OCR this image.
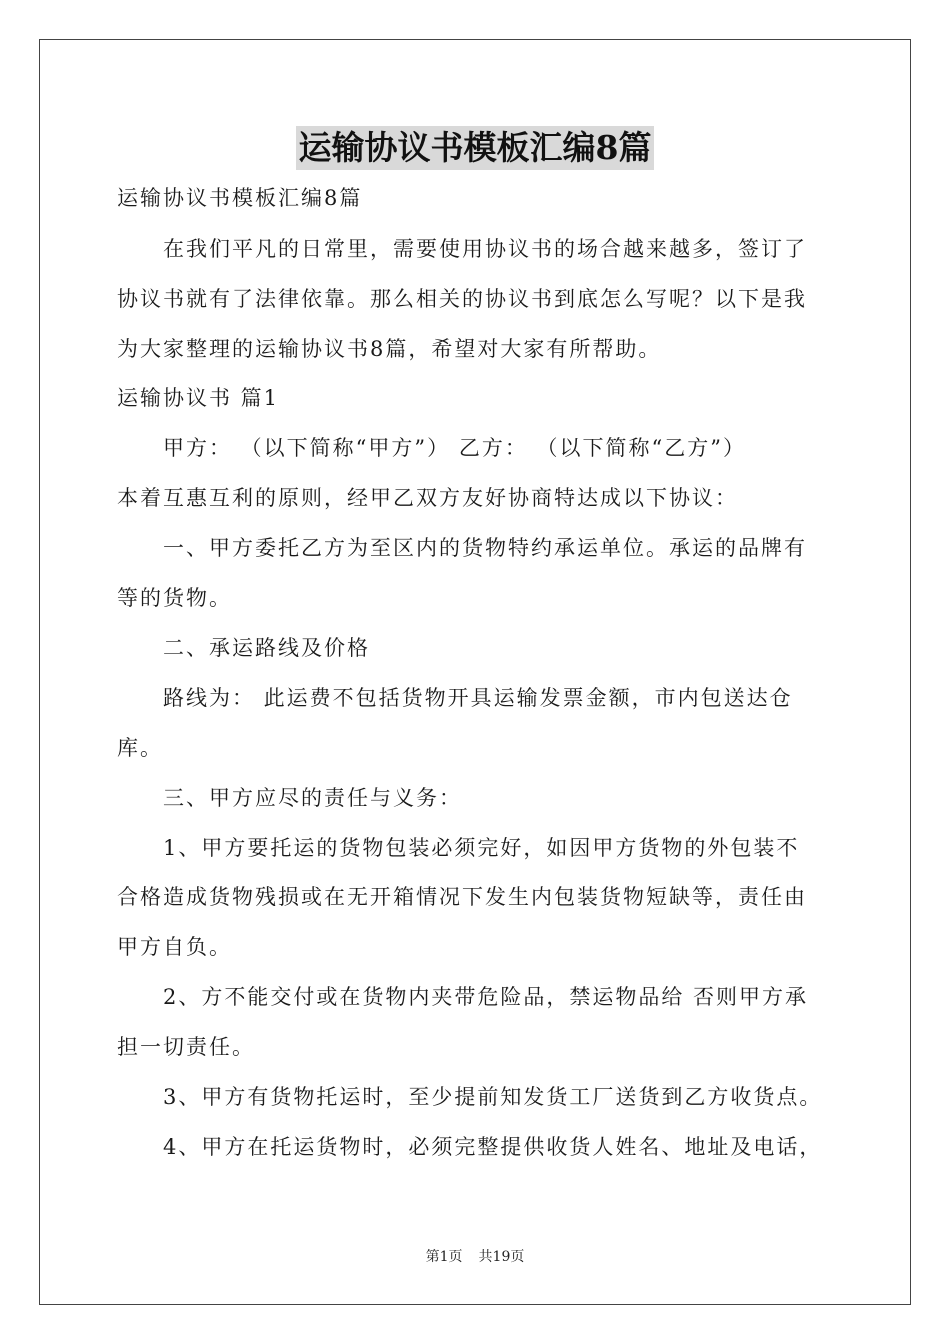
运输协议书模板汇编8篇
运输协议书模板汇编8篇
在我们平凡的日常里，需要使用协议书的场合越来越多，签订了
协议书就有了法律依靠。那么相关的协议书到底怎么写呢？以下是我
为大家整理的运输协议书8篇，希望对大家有所帮助。
运输协议书 篇1
甲方： （以下简称“甲方”） 乙方： （以下简称“乙方”）
本着互惠互利的原则，经甲乙双方友好协商特达成以下协议：
一、甲方委托乙方为至区内的货物特约承运单位。承运的品牌有
等的货物。
二、承运路线及价格
路线为： 此运费不包括货物开具运输发票金额，市内包送达仓
库。
三、甲方应尽的责任与义务：
1、甲方要托运的货物包装必须完好，如因甲方货物的外包装不
合格造成货物残损或在无开箱情况下发生内包装货物短缺等，责任由
甲方自负。
2、方不能交付或在货物内夹带危险品，禁运物品给 否则甲方承
担一切责任。
3、甲方有货物托运时，至少提前知发货工厂送货到乙方收货点。
4、甲方在托运货物时，必须完整提供收货人姓名、地址及电话，
第1页 共19页
